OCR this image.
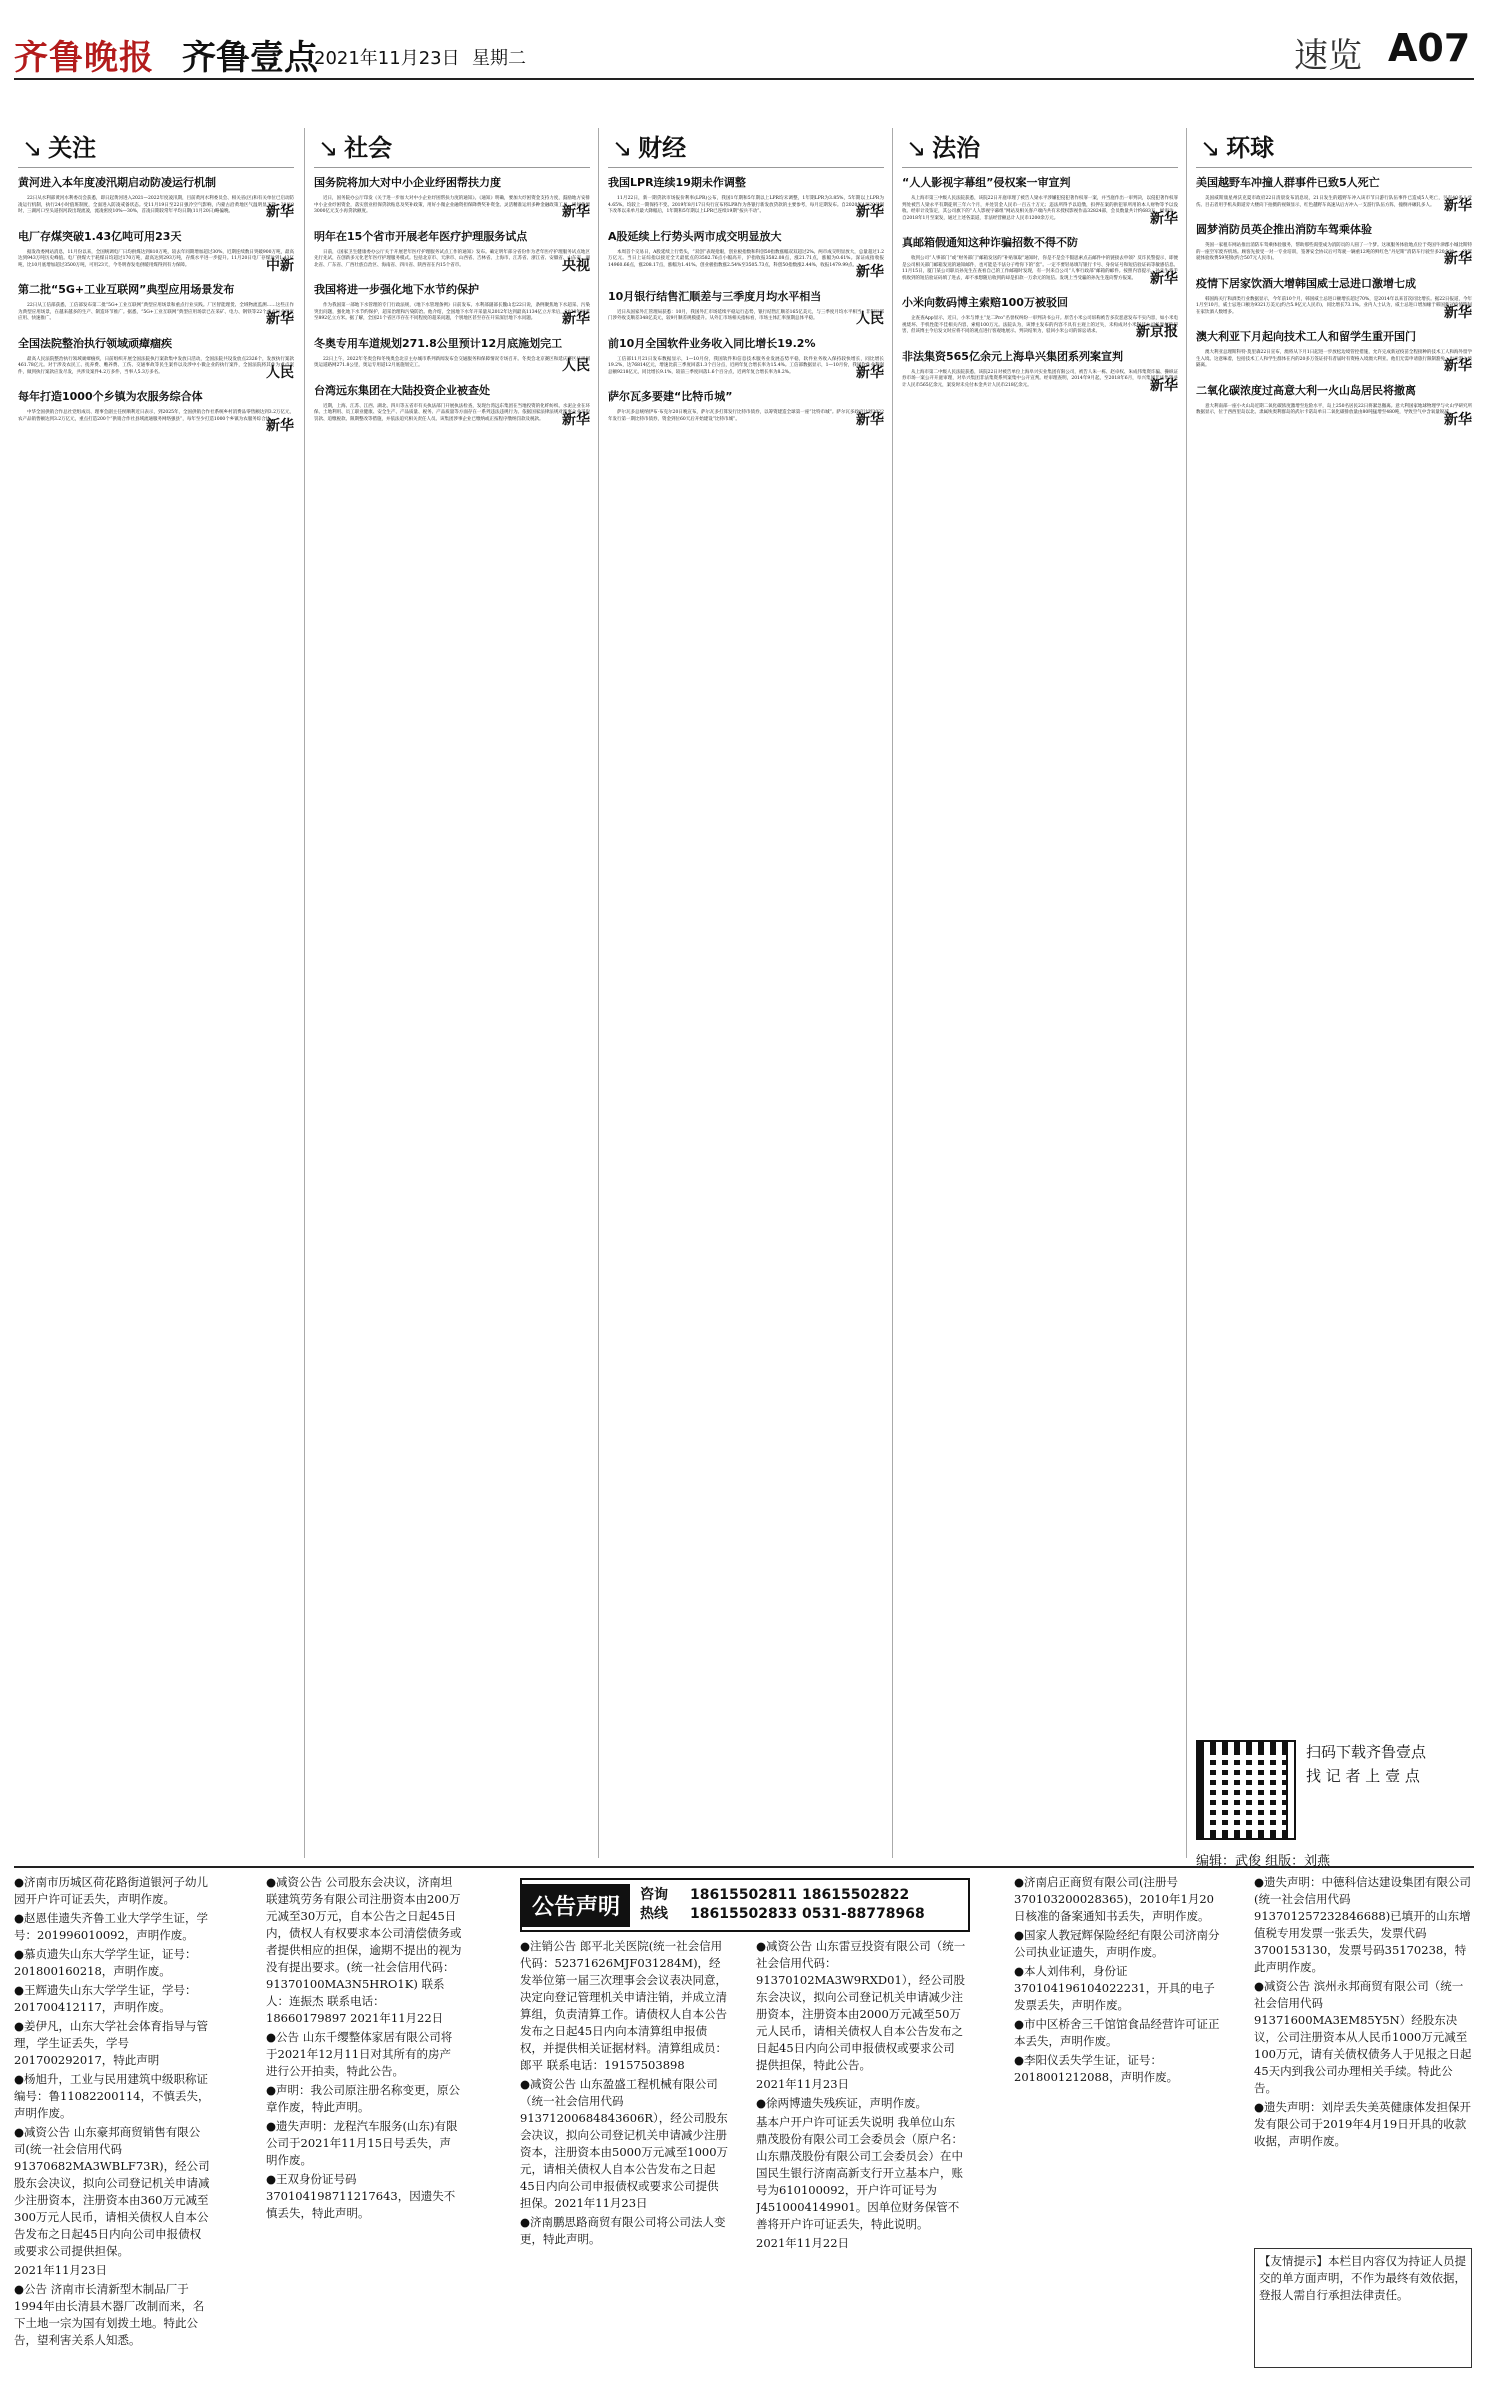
齐鲁晚报 齐鲁壹点
2021年11月23日 星期二	速览 A07
↘ 关注
黄河进入本年度凌汛期启动防凌运行机制

22日从水利部黄河水利委员会获悉，即日起黄河进入2021—2022年度凌汛期，目前黄河水利委员会、相关省(区)和有关单位已启动防凌运行机制，执行24小时值班制度，全面进入防凌戒备状态。受11月19日至22日强冷空气影响，内蒙古沿黄地区气温明显下降。22日8时，三湖河口至头道拐河段出现流凌，流凌密度10%—30%，首凌日期较常年平均日期(11月20日)略偏晚。	新华

电厂存煤突破1.43亿吨可用23天

据发改委网站消息，11月份以来，全国统调电厂日均供煤达到810万吨，较去年同期增加超过30%，近期连续数日突破900万吨，最高达到943万吨历史峰值。电厂供煤大于耗煤日均超过170万吨，最高达到293万吨，存煤水平进一步提升。11月20日电厂存煤达到1.43亿吨，比10月底增加超过3500万吨，可用23天，今冬明春发电供暖用煤得到有力保障。	中新

第二批“5G+工业互联网”典型应用场景发布

22日从工信部获悉，工信部发布第二批“5G+工业互联网”典型应用场景和重点行业实践。厂区智能理货、全域物流监测……这些正作为典型应用场景，在越来越多的生产、制造环节推广。据悉，“5G+工业互联网”典型应用场景已在采矿、电力、钢铁等22个重点行业深度应用、快速推广。	新华

全国法院整治执行领域顽瘴痼疾

最高人民法院整治执行领域顽瘴痼疾，日前组织开展全国法院执行案款集中发放日活动，全国法院共设发放点2326个，发放执行案款461.78亿元。对于涉及农民工、抚养费、赡养费、工伤、交通事故等民生案件以及涉中小微企业的执行案件，全国法院将其作为重点案件，做到执行案款应发尽发，共涉及案件4.2万多件，当事人5.3万多名。	人民

每年打造1000个乡镇为农服务综合体

中华全国供销合作总社党组成员、理事会副主任侯顺利近日表示，到2025年，全国供销合作社系统乡村消费品零售额达到3.2万亿元，农产品销售额达到3.2万亿元，重点打造200个“供销合作社县域流通服务网络强县”，每年至少打造1000个乡镇为农服务综合体。
新华

↘ 社会
国务院将加大对中小企业纾困帮扶力度

近日，国务院办公厅印发《关于进一步加大对中小企业纾困帮扶力度的通知》。《通知》明确，要加大纾困资金支持力度，鼓励地方安排中小企业纾困资金，落实创业担保贷款贴息及奖补政策，用好小微企业融资担保降费奖补资金。灵活精准运用多种金融政策工具，用好新增3000亿元支小再贷款额度。	新华

明年在15个省市开展老年医疗护理服务试点

日前，《国家卫生健康委办公厅关于开展老年医疗护理服务试点工作的通知》发布。确定明年部分省份作为老年医疗护理服务试点地区先行先试，在创新多元化老年医疗护理服务模式。包括北京市、天津市、山西省、吉林省、上海市、江苏省、浙江省、安徽省、山东省、湖北省、广东省、广西壮族自治区、海南省、四川省、陕西省在内15个省市。	央视

我国将进一步强化地下水节约保护

作为我国第一部地下水管理的专门行政法规，《地下水管理条例》日前发布。水利部副部长魏山忠22日说，条例聚焦地下水超采、污染突出问题，强化地下水节约保护，超采治理和污染防治。他介绍，全国地下水年开采量从2012年达到最高1134亿立方米后，2020年回落至892亿立方米。据了解，全国21个省区市存在不同程度的超采问题，个别地区甚至存在开采深层地下水问题。	新华

冬奥专用车道规划271.8公里预计12月底施划完工

22日上午，2022年冬奥会和冬残奥会北京主办城市系列新闻发布会交通服务和保障情况专场召开。冬奥会北京赛区和延庆赛区共规划奥运道路网271.8公里，奥运专用道12月底施划完工。	人民

台湾远东集团在大陆投资企业被查处

近期，上海、江苏、江西、湖北、四川等五省市有关执法部门开展执法检查，发现台湾远东集团在当地投资的化纤纺织、水泥企业在环保、土地利用、员工职业健康、安全生产、产品质量、税务、产品质量等方面存在一系列违法违规行为。依据国家法律法规对涉事企业采取罚款、追缴税款、限期整改等措施，并依法追究相关责任人员。该集团涉事企业已缴纳或正按程序缴纳罚款及税款。	新华

↘ 财经
我国LPR连续19期未作调整

11月22日，新一期贷款市场报价利率(LPR)公布，我国1年期和5年期以上LPR均未调整，1年期LPR为3.85%，5年期以上LPR为4.65%。均较上一期保持不变。2019年8月17日央行宣布将LPR作为各银行新发放贷款的主要参考，每月定期发布。自2020年4月20日创下改革以来单月最大降幅后，1年期和5年期以上LPR已连续19期“按兵不动”。	新华

A股延续上行势头两市成交明显放大

本周首个交易日，A股延续上行势头，“双创”表现抢眼，创业板指数和科创50指数涨幅双双超过2%。两市成交明显放大，总量超过1.2万亿元。当日上证综指以接近全天最低点的3582.76点小幅高开，沪指收报3582.08点，涨21.71点，涨幅为0.61%。深证成指收报14960.66点，涨208.17点，涨幅为1.41%。创业板指数涨2.54%至3505.73点，科创50指数涨2.44%，收报1479.99点。
新华

10月银行结售汇顺差与三季度月均水平相当

近日从国家外汇管理局获悉：10月，我国外汇市场延续平稳运行态势，银行结售汇顺差165亿美元，与三季度月均水平相当；非银行部门涉外收支顺差348亿美元，较9月顺差规模提升。从外汇市场相关指标看，市场主体汇率预期总体平稳。	人民

前10月全国软件业务收入同比增长19.2%

工信部11月21日发布数据显示，1—10月份，我国软件和信息技术服务业发展态势平稳，软件业务收入保持较快增长，同比增长19.2%，达76814亿元，增速比前三季度回落1.3个百分点，近两年复合增长率为15.4%。工信部数据显示，1—10月份，我国软件业利润总额9218亿元，同比增长9.1%，较前三季度回落1.6个百分点，近两年复合增长率为8.2%。	新华

萨尔瓦多要建“比特币城”

萨尔瓦多总统纳伊布·布克尔20日晚宣布，萨尔瓦多打算发行比特币债券，以筹资建造全球第一座“比特币城”。萨尔瓦多政府计划2022年发行第一期比特币债券，资金到位60天后开始建设“比特币城”。	新华

↘ 法治
“人人影视字幕组”侵权案一审宣判

从上海市第三中级人民法院获悉，该院22日开庭审理了被告人梁永平涉嫌犯侵犯著作权罪一案，并当庭作出一审判决，以侵犯著作权罪判处被告人梁永平有期徒刑三年六个月，并处罚金人民币一百五十万元；违法所得予以追缴，扣押在案的供犯罪所用的本人财物等予以没收。经审计及鉴定，其公司旗下的“人人影视字幕组”网站及相关客户端内共有未授权影视作品32824部，会员数量共计约683万。经审计，自2018年1月至案发，通过上述各渠道，非法经营额总计人民币1200余万元。	新华

真邮箱假通知这种诈骗招数不得不防

收到公司“人事部门”或“财务部门”邮箱发送的“补贴领取”通知时，你是不是会不假思索点击邮件中的链接去申领？反诈民警提示，即便是公司相关部门邮箱发送的通知邮件，也可能是不法分子给你下的“套”。一定不要轻易填写银行卡号、身份证号和短信验证码等敏感信息。11月15日，厦门某公司职员孙先生在查看自己的工作邮箱时发现，有一封来自公司“人事行政部”邮箱的邮件。按照内容提示，孙先生将手机收到的短信验证码填了进去，却不承想随后收到的却是扣款一万余元的短信。发现上当受骗的孙先生遂向警方报案。	新华

小米向数码博主索赔100万被驳回

企查查App显示，近日，小米与博主“龙二Pro”名誉权纠纷一审判决书公开。原告小米公司诉称被告多次恶意发布不实内容，如小米电视烧坏、手机性能不佳相关内容，索赔100万元。法院认为，该博主发布的内容不具有主观上的过失，未构成对小米科技公司名誉权的侵害，但该博主今后发文时应将不同的观点进行客观地展示。判决结果为，驳回小米公司的诉讼请求。	新京报

非法集资565亿余元上海阜兴集团系列案宣判

从上海市第二中级人民法院获悉，该院22日对被告单位上海阜兴实业集团有限公司，被告人朱一栋、赵卓权、朱成伟集资诈骗、操纵证券市场一案公开开庭审理，对阜兴集团非法集资系列案集中公开宣判。经审理查明，2014年9月起，至2018年6月，阜兴集团非法集资共计人民币565亿余元，案发时未兑付本金共计人民币218亿余元。	新华

↘ 环球
美国越野车冲撞人群事件已致5人死亡

美国威斯康星州沃克夏市政府22日清晨发布消息说，21日发生的越野车冲入该市节日游行队伍事件已造成5人死亡，另有40多人受伤。目击者用手机从街道旁大楼向下拍摄的视频显示，红色越野车高速从后方冲入一支游行队伍方阵，撞倒并碾轧多人。 新华

圆梦消防员英企推出消防车驾乘体验

英国一家租车网站推出消防车驾乘体验服务，帮助那些渴望成为消防员的人圆了一个梦。这项服务体验地点位于英国牛津郡小城比斯特的一座空军废弃机场。顾客先接受一对一专业培训，签署安全协议后可驾驶一辆重12吨的鲜红色“丹尼斯”消防车行驶至多20分钟。一次驾驶体验收费59英镑(约合507元人民币)。	新华

疫情下居家饮酒大增韩国威士忌进口激增七成

韩国海关厅和酒类行业数据显示，今年前10个月，韩国威士忌进口额增长超过70%，是2014年以来首次同比增长。据22日报道，今年1月至10月，威士忌进口额为9321万美元(约合5.9亿元人民币)，同比增长73.1%。业内人士认为，威士忌进口增加缘于韩国新冠疫情期间在家饮酒人数增多。	新华

澳大利亚下月起向技术工人和留学生重开国门

澳大利亚总理斯科特·莫里森22日宣布，澳将从下月1日起进一步放松边境管控措施，允许完成新冠疫苗全程接种的技术工人和海外留学生入境。这意味着，包括技术工人和学生群体在内的20多万签证持有者届时有资格入境澳大利亚。他们无需申请旅行限制豁免，也无需入境隔离。	新华

二氧化碳浓度过高意大利一火山岛居民将撤离

意大利南部一座小火山岛近期二氧化碳浓度激增至危险水平，岛上250名居民22日将紧急撤离。意大利国家地球物理学与火山学研究所数据显示，位于西西里岛以北、隶属埃奥利群岛的武尔卡诺岛单日二氧化碳排放量由80吨猛增至480吨，导致空气中含氧量锐减。
新华

扫码下载齐鲁壹点
找 记 者 上 壹 点
编辑：武俊 组版：刘燕

●济南市历城区荷花路街道银河子幼儿园开户许可证丢失，声明作废。

●赵恩佳遗失齐鲁工业大学学生证，学号：201996010092，声明作废。

●慕贞遗失山东大学学生证，证号：201800160218，声明作废。

●王辉遗失山东大学学生证，学号：201700412117，声明作废。

●姜伊凡，山东大学社会体育指导与管理，学生证丢失，学号201700292017，特此声明

●杨旭升，工业与民用建筑中级职称证编号：鲁11082200114，不慎丢失，声明作废。

●减资公告 山东豪邦商贸销售有限公司(统一社会信用代码91370682MA3WBLF73R)，经公司股东会决议，拟向公司登记机关申请减少注册资本，注册资本由360万元减至300万元人民币，请相关债权人自本公告发布之日起45日内向公司申报债权或要求公司提供担保。

2021年11月23日

●公告 济南市长清新型木制品厂于1994年由长清县木器厂改制而来，名下土地一宗为国有划拨土地。特此公告，望利害关系人知悉。

●减资公告 公司股东会决议，济南坦联建筑劳务有限公司注册资本由200万元减至30万元，自本公告之日起45日内，债权人有权要求本公司清偿债务或者提供相应的担保，逾期不提出的视为没有提出要求。(统一社会信用代码：91370100MA3N5HRO1K) 联系人：连振杰 联系电话：18660179897 2021年11月22日

●公告 山东千缨整体家居有限公司将于2021年12月11日对其所有的房产进行公开拍卖，特此公告。

●声明：我公司原注册名称变更，原公章作废，特此声明。

●遗失声明：龙程汽车服务(山东)有限公司于2021年11月15日号丢失，声明作废。

●王双身份证号码370104198711217643，因遗失不慎丢失，特此声明。

公告声明	咨询热线
18615502811 18615502822
18615502833 0531-88778968

●注销公告 郎平北关医院(统一社会信用代码：52371626MJF031284M)，经发举位第一届三次理事会会议表决同意，决定向登记管理机关申请注销，并成立清算组，负责清算工作。请债权人自本公告发布之日起45日内向本清算组申报债权，并提供相关证据材料。清算组成员：郎平 联系电话：19157503898

●减资公告 山东盈盛工程机械有限公司（统一社会信用代码91371200684843606R），经公司股东会决议，拟向公司登记机关申请减少注册资本，注册资本由5000万元减至1000万元，请相关债权人自本公告发布之日起45日内向公司申报债权或要求公司提供担保。2021年11月23日

●济南鹏思路商贸有限公司将公司法人变更，特此声明。

●减资公告 山东雷豆投资有限公司（统一社会信用代码：91370102MA3W9RXD01），经公司股东会决议，拟向公司登记机关申请减少注册资本，注册资本由2000万元减至50万元人民币，请相关债权人自本公告发布之日起45日内向公司申报债权或要求公司提供担保，特此公告。

2021年11月23日

●徐两博遗失残疾证，声明作废。

基本户开户许可证丢失说明 我单位山东鼎茂股份有限公司工会委员会（原户名：山东鼎茂股份有限公司工会委员会）在中国民生银行济南高新支行开立基本户，账号为610100092，开户许可证号为J4510004149901。因单位财务保管不善将开户许可证丢失，特此说明。

2021年11月22日

●济南启正商贸有限公司(注册号370103200028365)，2010年1月20日核准的备案通知书丢失，声明作废。

●国家人教冠辉保险经纪有限公司济南分公司执业证遗失，声明作废。

●本人刘伟利，身份证370104196104022231，开具的电子发票丢失，声明作废。

●市中区桥舍三千馆馆食品经营许可证正本丢失，声明作废。

●李阳仪丢失学生证，证号：2018001212088，声明作废。

●遗失声明：中德科信达建设集团有限公司(统一社会信用代码913701257232846688)已填开的山东增值税专用发票一张丢失，发票代码3700153130，发票号码35170238，特此声明作废。

●减资公告 滨州永邦商贸有限公司（统一社会信用代码91371600MA3EM85Y5N）经股东决议，公司注册资本从人民币1000万元减至100万元，请有关债权债务人于见报之日起45天内到我公司办理相关手续。特此公告。

●遗失声明：刘岸丢失美英健康体发担保开发有限公司于2019年4月19日开具的收款收据，声明作废。

【友情提示】本栏目内容仅为持证人员提交的单方面声明，不作为最终有效依据，登报人需自行承担法律责任。
